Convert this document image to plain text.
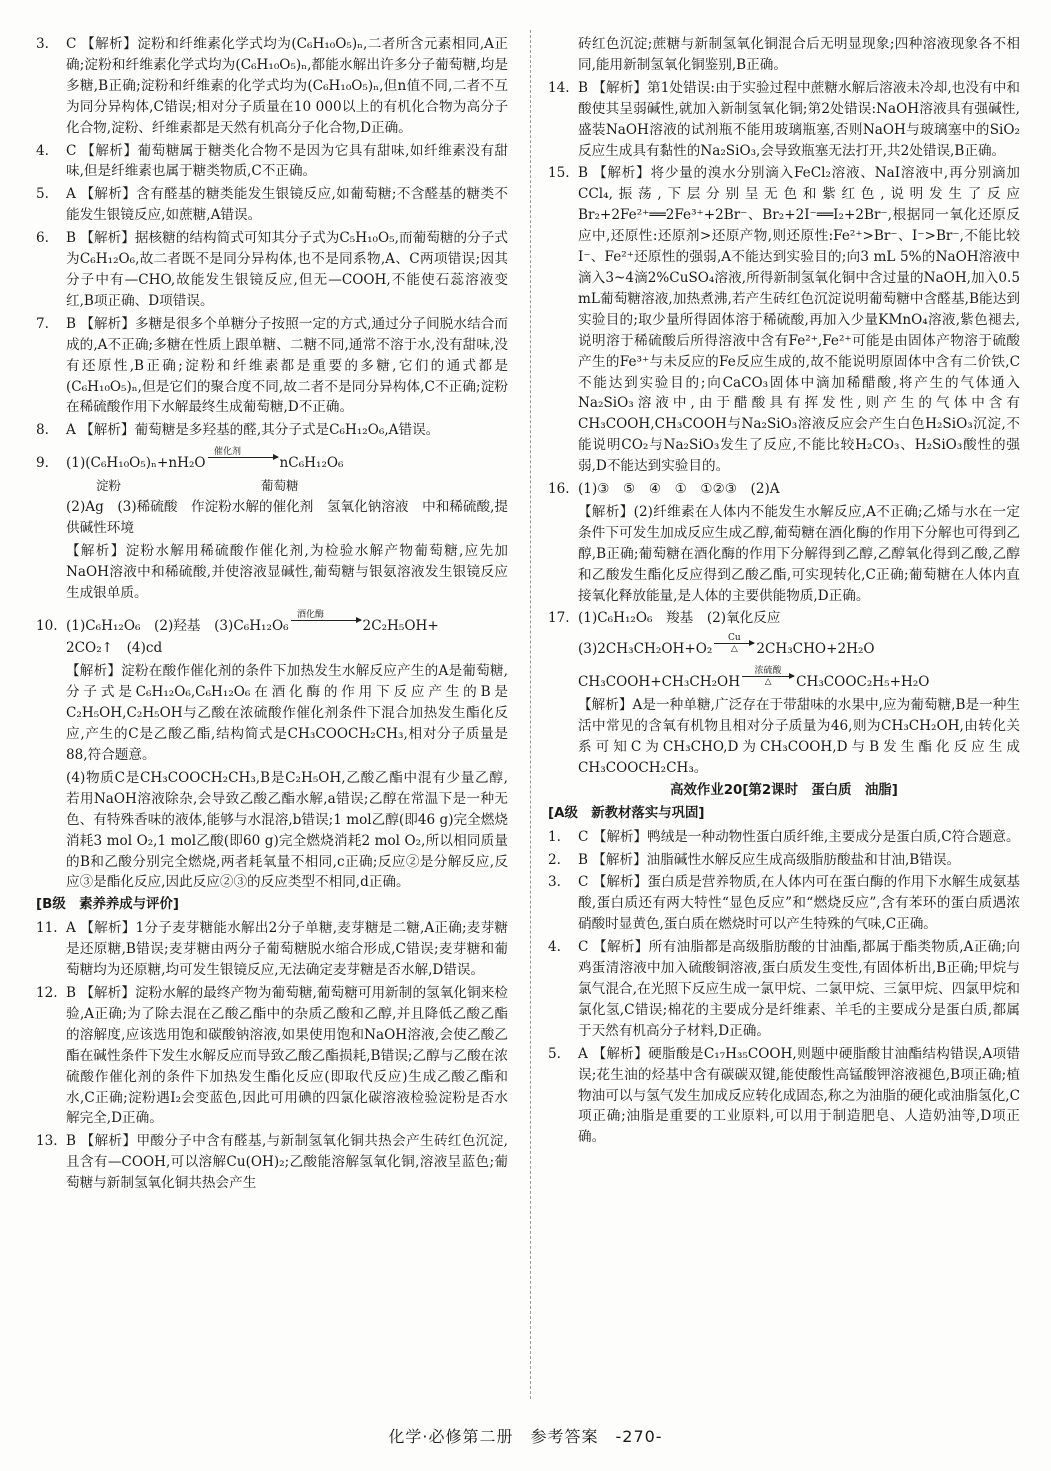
3. C 【解析】淀粉和纤维素化学式均为(C₆H₁₀O₅)ₙ,二者所含元素相同,A正确;淀粉和纤维素化学式均为(C₆H₁₀O₅)ₙ,都能水解出许多分子葡萄糖,均是多糖,B正确;淀粉和纤维素的化学式均为(C₆H₁₀O₅)ₙ,但n值不同,二者不互为同分异构体,C错误;相对分子质量在10 000以上的有机化合物为高分子化合物,淀粉、纤维素都是天然有机高分子化合物,D正确。
4. C 【解析】葡萄糖属于糖类化合物不是因为它具有甜味,如纤维素没有甜味,但是纤维素也属于糖类物质,C不正确。
5. A 【解析】含有醛基的糖类能发生银镜反应,如葡萄糖;不含醛基的糖类不能发生银镜反应,如蔗糖,A错误。
6. B 【解析】据核糖的结构简式可知其分子式为C₅H₁₀O₅,而葡萄糖的分子式为C₆H₁₂O₆,故二者既不是同分异构体,也不是同系物,A、C两项错误;因其分子中有—CHO,故能发生银镜反应,但无—COOH,不能使石蕊溶液变红,B项正确、D项错误。
7. B 【解析】多糖是很多个单糖分子按照一定的方式,通过分子间脱水结合而成的,A不正确;多糖在性质上跟单糖、二糖不同,通常不溶于水,没有甜味,没有还原性,B正确;淀粉和纤维素都是重要的多糖,它们的通式都是(C₆H₁₀O₅)ₙ,但是它们的聚合度不同,故二者不是同分异构体,C不正确;淀粉在稀硫酸作用下水解最终生成葡萄糖,D不正确。
8. A 【解析】葡萄糖是多羟基的醛,其分子式是C₆H₁₂O₆,A错误。
9. (1)(C₆H₁₀O₅)ₙ+nH₂O
催化剂

nC₆H₁₂O₆
淀粉	葡萄糖
(2)Ag　(3)稀硫酸　作淀粉水解的催化剂　氢氧化钠溶液　中和稀硫酸,提供碱性环境
【解析】淀粉水解用稀硫酸作催化剂,为检验水解产物葡萄糖,应先加NaOH溶液中和稀硫酸,并使溶液显碱性,葡萄糖与银氨溶液发生银镜反应生成银单质。
10. (1)C₆H₁₂O₆　(2)羟基　(3)C₆H₁₂O₆
酒化酶

2C₂H₅OH+
2CO₂↑　(4)cd
【解析】淀粉在酸作催化剂的条件下加热发生水解反应产生的A是葡萄糖,分子式是C₆H₁₂O₆,C₆H₁₂O₆在酒化酶的作用下反应产生的B是C₂H₅OH,C₂H₅OH与乙酸在浓硫酸作催化剂条件下混合加热发生酯化反应,产生的C是乙酸乙酯,结构简式是CH₃COOCH₂CH₃,相对分子质量是88,符合题意。
(4)物质C是CH₃COOCH₂CH₃,B是C₂H₅OH,乙酸乙酯中混有少量乙醇,若用NaOH溶液除杂,会导致乙酸乙酯水解,a错误;乙醇在常温下是一种无色、有特殊香味的液体,能够与水混溶,b错误;1 mol乙醇(即46 g)完全燃烧消耗3 mol O₂,1 mol乙酸(即60 g)完全燃烧消耗2 mol O₂,所以相同质量的B和乙酸分别完全燃烧,两者耗氧量不相同,c正确;反应②是分解反应,反应③是酯化反应,因此反应②③的反应类型不相同,d正确。
[B级　素养养成与评价]
11. A 【解析】1分子麦芽糖能水解出2分子单糖,麦芽糖是二糖,A正确;麦芽糖是还原糖,B错误;麦芽糖由两分子葡萄糖脱水缩合形成,C错误;麦芽糖和葡萄糖均为还原糖,均可发生银镜反应,无法确定麦芽糖是否水解,D错误。
12. B 【解析】淀粉水解的最终产物为葡萄糖,葡萄糖可用新制的氢氧化铜来检验,A正确;为了除去混在乙酸乙酯中的杂质乙酸和乙醇,并且降低乙酸乙酯的溶解度,应该选用饱和碳酸钠溶液,如果使用饱和NaOH溶液,会使乙酸乙酯在碱性条件下发生水解反应而导致乙酸乙酯损耗,B错误;乙醇与乙酸在浓硫酸作催化剂的条件下加热发生酯化反应(即取代反应)生成乙酸乙酯和水,C正确;淀粉遇I₂会变蓝色,因此可用碘的四氯化碳溶液检验淀粉是否水解完全,D正确。
13. B 【解析】甲酸分子中含有醛基,与新制氢氧化铜共热会产生砖红色沉淀,且含有—COOH,可以溶解Cu(OH)₂;乙酸能溶解氢氧化铜,溶液呈蓝色;葡萄糖与新制氢氧化铜共热会产生
砖红色沉淀;蔗糖与新制氢氧化铜混合后无明显现象;四种溶液现象各不相同,能用新制氢氧化铜鉴别,B正确。
14. B 【解析】第1处错误:由于实验过程中蔗糖水解后溶液未冷却,也没有中和酸使其呈弱碱性,就加入新制氢氧化铜;第2处错误:NaOH溶液具有强碱性,盛装NaOH溶液的试剂瓶不能用玻璃瓶塞,否则NaOH与玻璃塞中的SiO₂反应生成具有黏性的Na₂SiO₃,会导致瓶塞无法打开,共2处错误,B正确。
15. B 【解析】将少量的溴水分别滴入FeCl₂溶液、NaI溶液中,再分别滴加CCl₄,振荡,下层分别呈无色和紫红色,说明发生了反应Br₂+2Fe²⁺══2Fe³⁺+2Br⁻、Br₂+2I⁻══I₂+2Br⁻,根据同一氧化还原反应中,还原性:还原剂>还原产物,则还原性:Fe²⁺>Br⁻、I⁻>Br⁻,不能比较I⁻、Fe²⁺还原性的强弱,A不能达到实验目的;向3 mL 5%的NaOH溶液中滴入3~4滴2%CuSO₄溶液,所得新制氢氧化铜中含过量的NaOH,加入0.5 mL葡萄糖溶液,加热煮沸,若产生砖红色沉淀说明葡萄糖中含醛基,B能达到实验目的;取少量所得固体溶于稀硫酸,再加入少量KMnO₄溶液,紫色褪去,说明溶于稀硫酸后所得溶液中含有Fe²⁺,Fe²⁺可能是由固体产物溶于硫酸产生的Fe³⁺与未反应的Fe反应生成的,故不能说明原固体中含有二价铁,C不能达到实验目的;向CaCO₃固体中滴加稀醋酸,将产生的气体通入Na₂SiO₃溶液中,由于醋酸具有挥发性,则产生的气体中含有CH₃COOH,CH₃COOH与Na₂SiO₃溶液反应会产生白色H₂SiO₃沉淀,不能说明CO₂与Na₂SiO₃发生了反应,不能比较H₂CO₃、H₂SiO₃酸性的强弱,D不能达到实验目的。
16. (1)③　⑤　④　①　①②③　(2)A
【解析】(2)纤维素在人体内不能发生水解反应,A不正确;乙烯与水在一定条件下可发生加成反应生成乙醇,葡萄糖在酒化酶的作用下分解也可得到乙醇,B正确;葡萄糖在酒化酶的作用下分解得到乙醇,乙醇氧化得到乙酸,乙醇和乙酸发生酯化反应得到乙酸乙酯,可实现转化,C正确;葡萄糖在人体内直接氧化释放能量,是人体的主要供能物质,D正确。
17. (1)C₆H₁₂O₆　羧基　(2)氧化反应
(3)2CH₃CH₂OH+O₂
Cu
△	2CH₃CHO+2H₂O
CH₃COOH+CH₃CH₂OH
浓硫酸
△	CH₃COOC₂H₅+H₂O
【解析】A是一种单糖,广泛存在于带甜味的水果中,应为葡萄糖,B是一种生活中常见的含氧有机物且相对分子质量为46,则为CH₃CH₂OH,由转化关系可知C为CH₃CHO,D为CH₃COOH,D与B发生酯化反应生成CH₃COOCH₂CH₃。
高效作业20[第2课时　蛋白质　油脂]
[A级　新教材落实与巩固]
1. C 【解析】鸭绒是一种动物性蛋白质纤维,主要成分是蛋白质,C符合题意。
2. B 【解析】油脂碱性水解反应生成高级脂肪酸盐和甘油,B错误。
3. C 【解析】蛋白质是营养物质,在人体内可在蛋白酶的作用下水解生成氨基酸,蛋白质还有两大特性“显色反应”和“燃烧反应”,含有苯环的蛋白质遇浓硝酸时显黄色,蛋白质在燃烧时可以产生特殊的气味,C正确。
4. C 【解析】所有油脂都是高级脂肪酸的甘油酯,都属于酯类物质,A正确;向鸡蛋清溶液中加入硫酸铜溶液,蛋白质发生变性,有固体析出,B正确;甲烷与氯气混合,在光照下反应生成一氯甲烷、二氯甲烷、三氯甲烷、四氯甲烷和氯化氢,C错误;棉花的主要成分是纤维素、羊毛的主要成分是蛋白质,都属于天然有机高分子材料,D正确。
5. A 【解析】硬脂酸是C₁₇H₃₅COOH,则题中硬脂酸甘油酯结构错误,A项错误;花生油的烃基中含有碳碳双键,能使酸性高锰酸钾溶液褪色,B项正确;植物油可以与氢气发生加成反应转化成固态,称之为油脂的硬化或油脂氢化,C项正确;油脂是重要的工业原料,可以用于制造肥皂、人造奶油等,D项正确。
化学·必修第二册　参考答案　-270-
